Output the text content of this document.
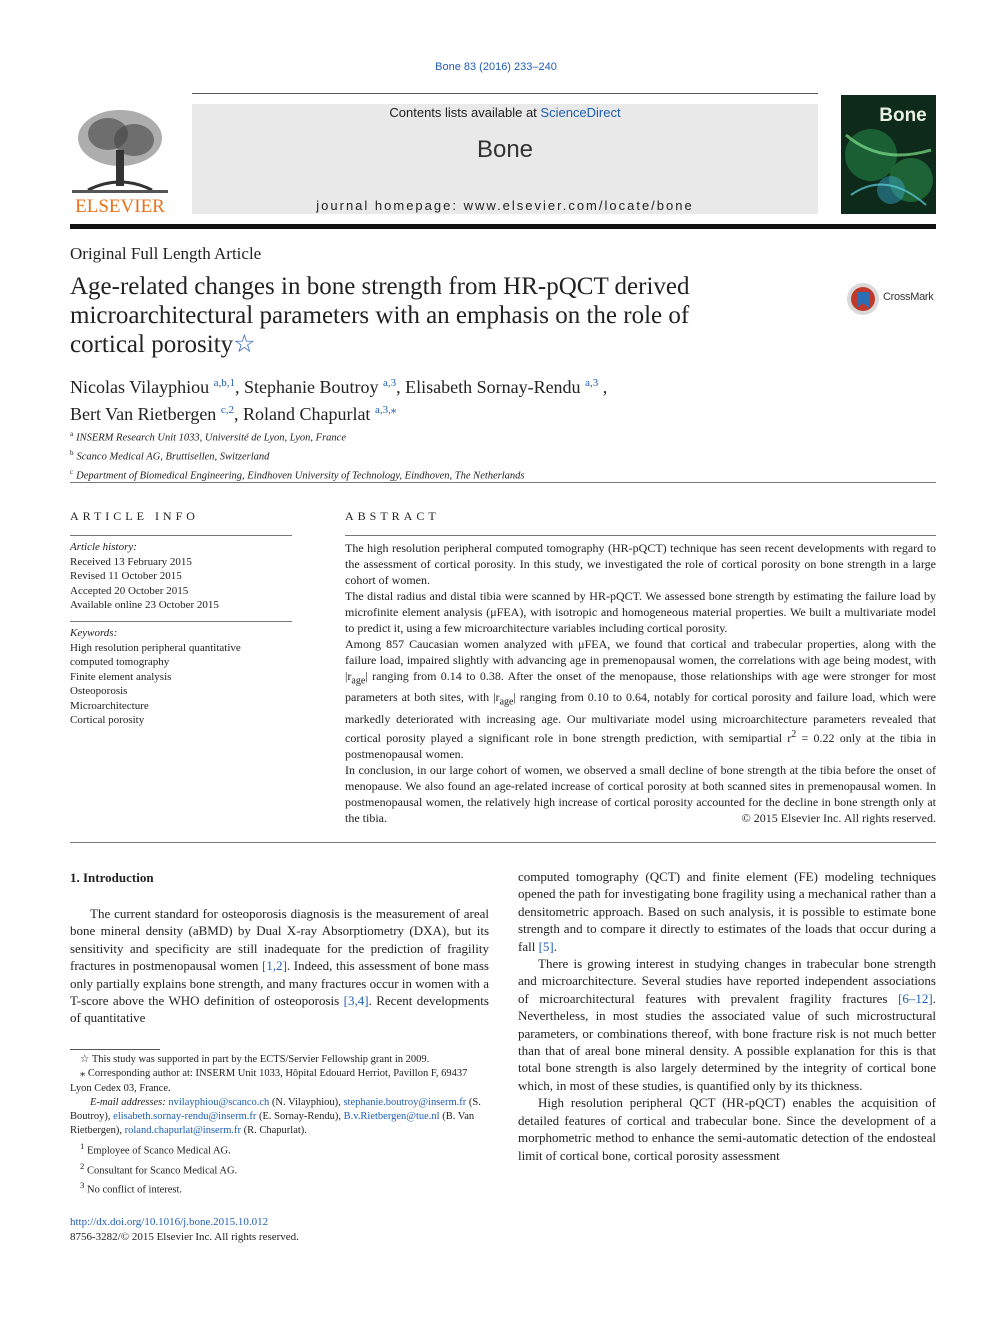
Bone 83 (2016) 233–240
Contents lists available at ScienceDirect
Bone
journal homepage: www.elsevier.com/locate/bone
ELSEVIER
Bone
Original Full Length Article
Age-related changes in bone strength from HR-pQCT derived microarchitectural parameters with an emphasis on the role of cortical porosity☆
CrossMark
Nicolas Vilayphiou $^{a,b,1}$, Stephanie Boutroy $^{a,3}$, Elisabeth Sornay-Rendu $^{a,3}$ ,
Bert Van Rietbergen $^{c,2}$, Roland Chapurlat $^{a,3,⁎}$
$^a$ INSERM Research Unit 1033, Université de Lyon, Lyon, France
$^b$ Scanco Medical AG, Bruttisellen, Switzerland
$^c$ Department of Biomedical Engineering, Eindhoven University of Technology, Eindhoven, The Netherlands
ARTICLE INFO
Article history:
Received 13 February 2015
Revised 11 October 2015
Accepted 20 October 2015
Available online 23 October 2015
Keywords:
High resolution peripheral quantitative
computed tomography
Finite element analysis
Osteoporosis
Microarchitecture
Cortical porosity
ABSTRACT

The high resolution peripheral computed tomography (HR-pQCT) technique has seen recent developments with regard to the assessment of cortical porosity. In this study, we investigated the role of cortical porosity on bone strength in a large cohort of women.

The distal radius and distal tibia were scanned by HR-pQCT. We assessed bone strength by estimating the failure load by microfinite element analysis (μFEA), with isotropic and homogeneous material properties. We built a multivariate model to predict it, using a few microarchitecture variables including cortical porosity.

Among 857 Caucasian women analyzed with μFEA, we found that cortical and trabecular properties, along with the failure load, impaired slightly with advancing age in premenopausal women, the correlations with age being modest, with $|r_{age}|$ ranging from 0.14 to 0.38. After the onset of the menopause, those relationships with age were stronger for most parameters at both sites, with $|r_{age}|$ ranging from 0.10 to 0.64, notably for cortical porosity and failure load, which were markedly deteriorated with increasing age. Our multivariate model using microarchitecture parameters revealed that cortical porosity played a significant role in bone strength prediction, with semipartial $r^2 = 0.22$ only at the tibia in postmenopausal women.

In conclusion, in our large cohort of women, we observed a small decline of bone strength at the tibia before the onset of menopause. We also found an age-related increase of cortical porosity at both scanned sites in premenopausal women. In postmenopausal women, the relatively high increase of cortical porosity accounted for the decline in bone strength only at the tibia.	© 2015 Elsevier Inc. All rights reserved.
1. Introduction

The current standard for osteoporosis diagnosis is the measurement of areal bone mineral density (aBMD) by Dual X-ray Absorptiometry (DXA), but its sensitivity and specificity are still inadequate for the prediction of fragility fractures in postmenopausal women [1,2]. Indeed, this assessment of bone mass only partially explains bone strength, and many fractures occur in women with a T-score above the WHO definition of osteoporosis [3,4]. Recent developments of quantitative

computed tomography (QCT) and finite element (FE) modeling techniques opened the path for investigating bone fragility using a mechanical rather than a densitometric approach. Based on such analysis, it is possible to estimate bone strength and to compare it directly to estimates of the loads that occur during a fall [5].

There is growing interest in studying changes in trabecular bone strength and microarchitecture. Several studies have reported independent associations of microarchitectural features with prevalent fragility fractures [6–12]. Nevertheless, in most studies the associated value of such microstructural parameters, or combinations thereof, with bone fracture risk is not much better than that of areal bone mineral density. A possible explanation for this is that total bone strength is also largely determined by the integrity of cortical bone which, in most of these studies, is quantified only by its thickness.

High resolution peripheral QCT (HR-pQCT) enables the acquisition of detailed features of cortical and trabecular bone. Since the development of a morphometric method to enhance the semi-automatic detection of the endosteal limit of cortical bone, cortical porosity assessment

☆ This study was supported in part by the ECTS/Servier Fellowship grant in 2009.
⁎ Corresponding author at: INSERM Unit 1033, Hôpital Edouard Herriot, Pavillon F, 69437 Lyon Cedex 03, France.
E-mail addresses: nvilayphiou@scanco.ch (N. Vilayphiou), stephanie.boutroy@inserm.fr (S. Boutroy), elisabeth.sornay-rendu@inserm.fr (E. Sornay-Rendu), B.v.Rietbergen@tue.nl (B. Van Rietbergen), roland.chapurlat@inserm.fr (R. Chapurlat).
$^1$ Employee of Scanco Medical AG.
$^2$ Consultant for Scanco Medical AG.
$^3$ No conflict of interest.
http://dx.doi.org/10.1016/j.bone.2015.10.012
8756-3282/© 2015 Elsevier Inc. All rights reserved.
